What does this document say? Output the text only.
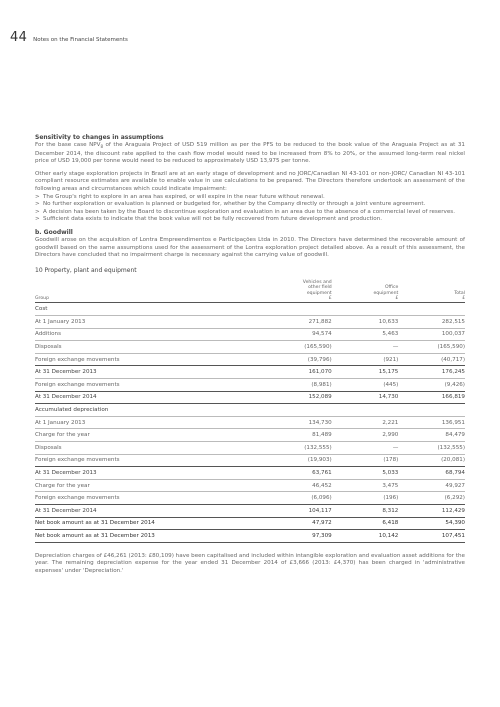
44 Notes on the Financial Statements
Sensitivity to changes in assumptions

For the base case $NPV_8$ of the Araguaia Project of USD 519 million as per the PFS to be reduced to the book value of the Araguaia Project as at 31 December 2014, the discount rate applied to the cash flow model would need to be increased from 8% to 20%, or the assumed long-term real nickel price of USD 19,000 per tonne would need to be reduced to approximately USD 13,975 per tonne.

Other early stage exploration projects in Brazil are at an early stage of development and no JORC/Canadian NI 43-101 or non-JORC/ Canadian NI 43-101 compliant resource estimates are available to enable value in use calculations to be prepared. The Directors therefore undertook an assessment of the following areas and circumstances which could indicate impairment:

> The Group's right to explore in an area has expired, or will expire in the near future without renewal.
> No further exploration or evaluation is planned or budgeted for, whether by the Company directly or through a joint venture agreement.
> A decision has been taken by the Board to discontinue exploration and evaluation in an area due to the absence of a commercial level of reserves.
> Sufficient data exists to indicate that the book value will not be fully recovered from future development and production.
b. Goodwill

Goodwill arose on the acquisition of Lontra Empreendimentos e Participações Ltda in 2010. The Directors have determined the recoverable amount of goodwill based on the same assumptions used for the assessment of the Lontra exploration project detailed above. As a result of this assessment, the Directors have concluded that no impairment charge is necessary against the carrying value of goodwill.

10 Property, plant and equipment
Group	Vehicles and
other field
equipment
£	Office
equipment
£	Total
£
Cost			
At 1 January 2013	271,882	10,633	282,515
Additions	94,574	5,463	100,037
Disposals	(165,590)	—	(165,590)
Foreign exchange movements	(39,796)	(921)	(40,717)
At 31 December 2013	161,070	15,175	176,245
Foreign exchange movements	(8,981)	(445)	(9,426)
At 31 December 2014	152,089	14,730	166,819
Accumulated depreciation			
At 1 January 2013	134,730	2,221	136,951
Charge for the year	81,489	2,990	84,479
Disposals	(132,555)	—	(132,555)
Foreign exchange movements	(19,903)	(178)	(20,081)
At 31 December 2013	63,761	5,033	68,794
Charge for the year	46,452	3,475	49,927
Foreign exchange movements	(6,096)	(196)	(6,292)
At 31 December 2014	104,117	8,312	112,429
Net book amount as at 31 December 2014	47,972	6,418	54,390
Net book amount as at 31 December 2013	97,309	10,142	107,451

Depreciation charges of £46,261 (2013: £80,109) have been capitalised and included within intangible exploration and evaluation asset additions for the year. The remaining depreciation expense for the year ended 31 December 2014 of £3,666 (2013: £4,370) has been charged in 'administrative expenses' under 'Depreciation.'
